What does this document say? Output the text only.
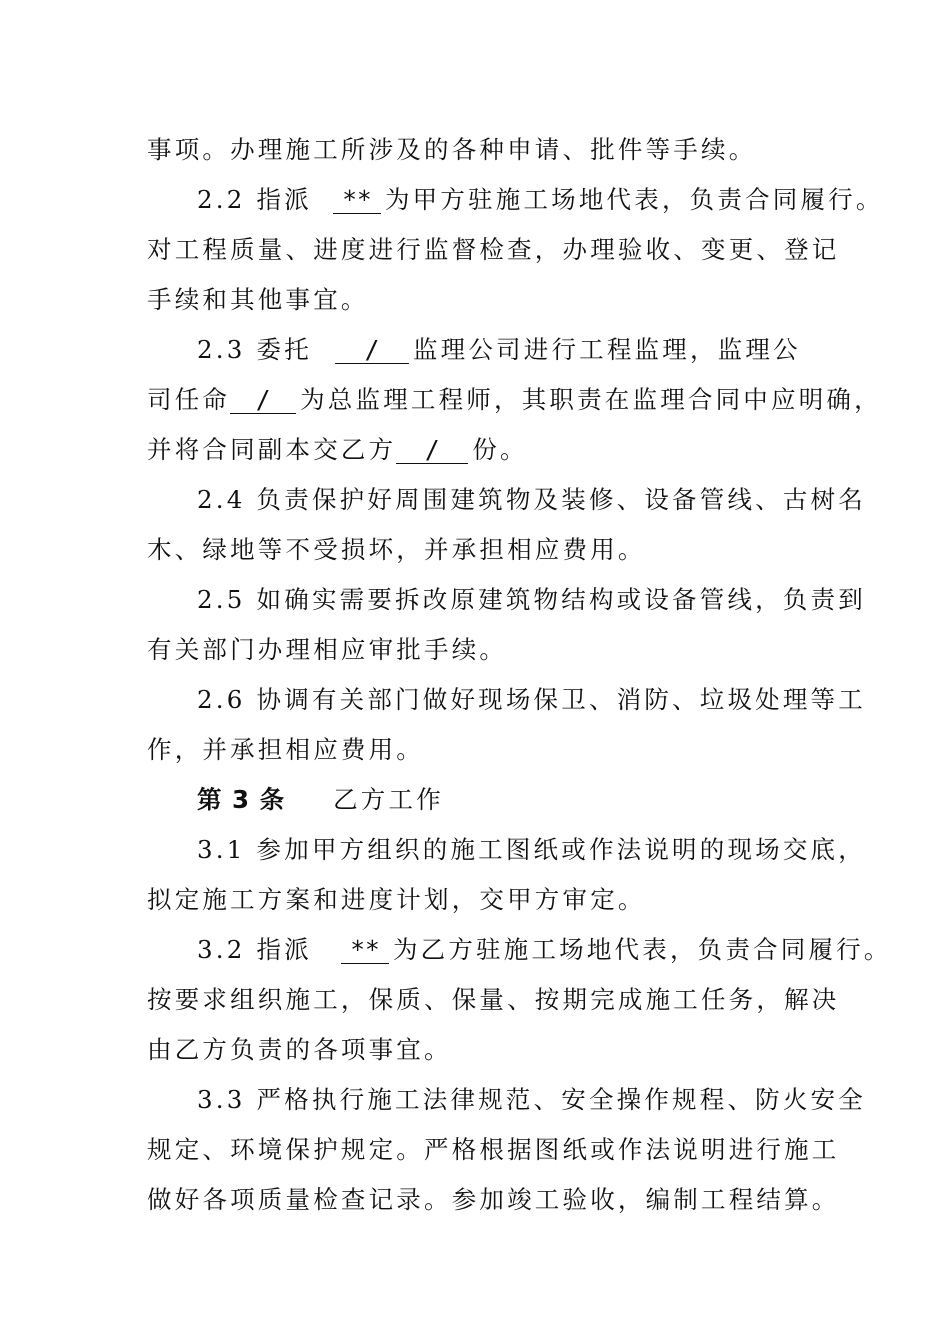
事项。办理施工所涉及的各种申请、批件等手续。
2.2 指派 ** 为甲方驻施工场地代表，负责合同履行。
对工程质量、进度进行监督检查，办理验收、变更、登记
手续和其他事宜。
2.3 委托 / 监理公司进行工程监理，监理公
司任命 / 为总监理工程师，其职责在监理合同中应明确，
并将合同副本交乙方 / 份。
2.4 负责保护好周围建筑物及装修、设备管线、古树名
木、绿地等不受损坏，并承担相应费用。
2.5 如确实需要拆改原建筑物结构或设备管线，负责到
有关部门办理相应审批手续。
2.6 协调有关部门做好现场保卫、消防、垃圾处理等工
作，并承担相应费用。
第 3 条 乙方工作
3.1 参加甲方组织的施工图纸或作法说明的现场交底，
拟定施工方案和进度计划，交甲方审定。
3.2 指派 ** 为乙方驻施工场地代表，负责合同履行。
按要求组织施工，保质、保量、按期完成施工任务，解决
由乙方负责的各项事宜。
3.3 严格执行施工法律规范、安全操作规程、防火安全
规定、环境保护规定。严格根据图纸或作法说明进行施工
做好各项质量检查记录。参加竣工验收，编制工程结算。
